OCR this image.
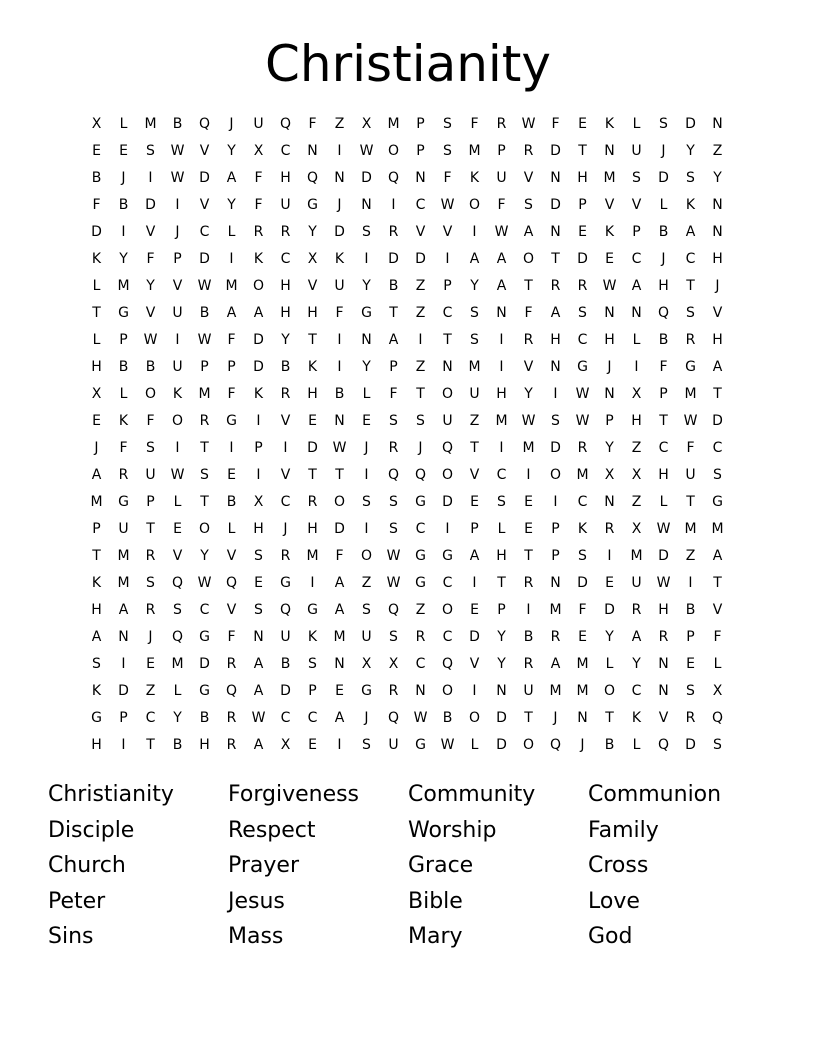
Christianity
X	L	M	B	Q	J	U	Q	F	Z	X	M	P	S	F	R	W	F	E	K	L	S	D	N
E	E	S	W	V	Y	X	C	N	I	W	O	P	S	M	P	R	D	T	N	U	J	Y	Z
B	J	I	W	D	A	F	H	Q	N	D	Q	N	F	K	U	V	N	H	M	S	D	S	Y
F	B	D	I	V	Y	F	U	G	J	N	I	C	W	O	F	S	D	P	V	V	L	K	N
D	I	V	J	C	L	R	R	Y	D	S	R	V	V	I	W	A	N	E	K	P	B	A	N
K	Y	F	P	D	I	K	C	X	K	I	D	D	I	A	A	O	T	D	E	C	J	C	H
L	M	Y	V	W	M	O	H	V	U	Y	B	Z	P	Y	A	T	R	R	W	A	H	T	J
T	G	V	U	B	A	A	H	H	F	G	T	Z	C	S	N	F	A	S	N	N	Q	S	V
L	P	W	I	W	F	D	Y	T	I	N	A	I	T	S	I	R	H	C	H	L	B	R	H
H	B	B	U	P	P	D	B	K	I	Y	P	Z	N	M	I	V	N	G	J	I	F	G	A
X	L	O	K	M	F	K	R	H	B	L	F	T	O	U	H	Y	I	W	N	X	P	M	T
E	K	F	O	R	G	I	V	E	N	E	S	S	U	Z	M	W	S	W	P	H	T	W	D
J	F	S	I	T	I	P	I	D	W	J	R	J	Q	T	I	M	D	R	Y	Z	C	F	C
A	R	U	W	S	E	I	V	T	T	I	Q	Q	O	V	C	I	O	M	X	X	H	U	S
M	G	P	L	T	B	X	C	R	O	S	S	G	D	E	S	E	I	C	N	Z	L	T	G
P	U	T	E	O	L	H	J	H	D	I	S	C	I	P	L	E	P	K	R	X	W	M	M
T	M	R	V	Y	V	S	R	M	F	O	W	G	G	A	H	T	P	S	I	M	D	Z	A
K	M	S	Q	W	Q	E	G	I	A	Z	W	G	C	I	T	R	N	D	E	U	W	I	T
H	A	R	S	C	V	S	Q	G	A	S	Q	Z	O	E	P	I	M	F	D	R	H	B	V
A	N	J	Q	G	F	N	U	K	M	U	S	R	C	D	Y	B	R	E	Y	A	R	P	F
S	I	E	M	D	R	A	B	S	N	X	X	C	Q	V	Y	R	A	M	L	Y	N	E	L
K	D	Z	L	G	Q	A	D	P	E	G	R	N	O	I	N	U	M	M	O	C	N	S	X
G	P	C	Y	B	R	W	C	C	A	J	Q	W	B	O	D	T	J	N	T	K	V	R	Q
H	I	T	B	H	R	A	X	E	I	S	U	G	W	L	D	O	Q	J	B	L	Q	D	S
Christianity	Forgiveness	Community	Communion
Disciple	Respect	Worship	Family
Church	Prayer	Grace	Cross
Peter	Jesus	Bible	Love
Sins	Mass	Mary	God
